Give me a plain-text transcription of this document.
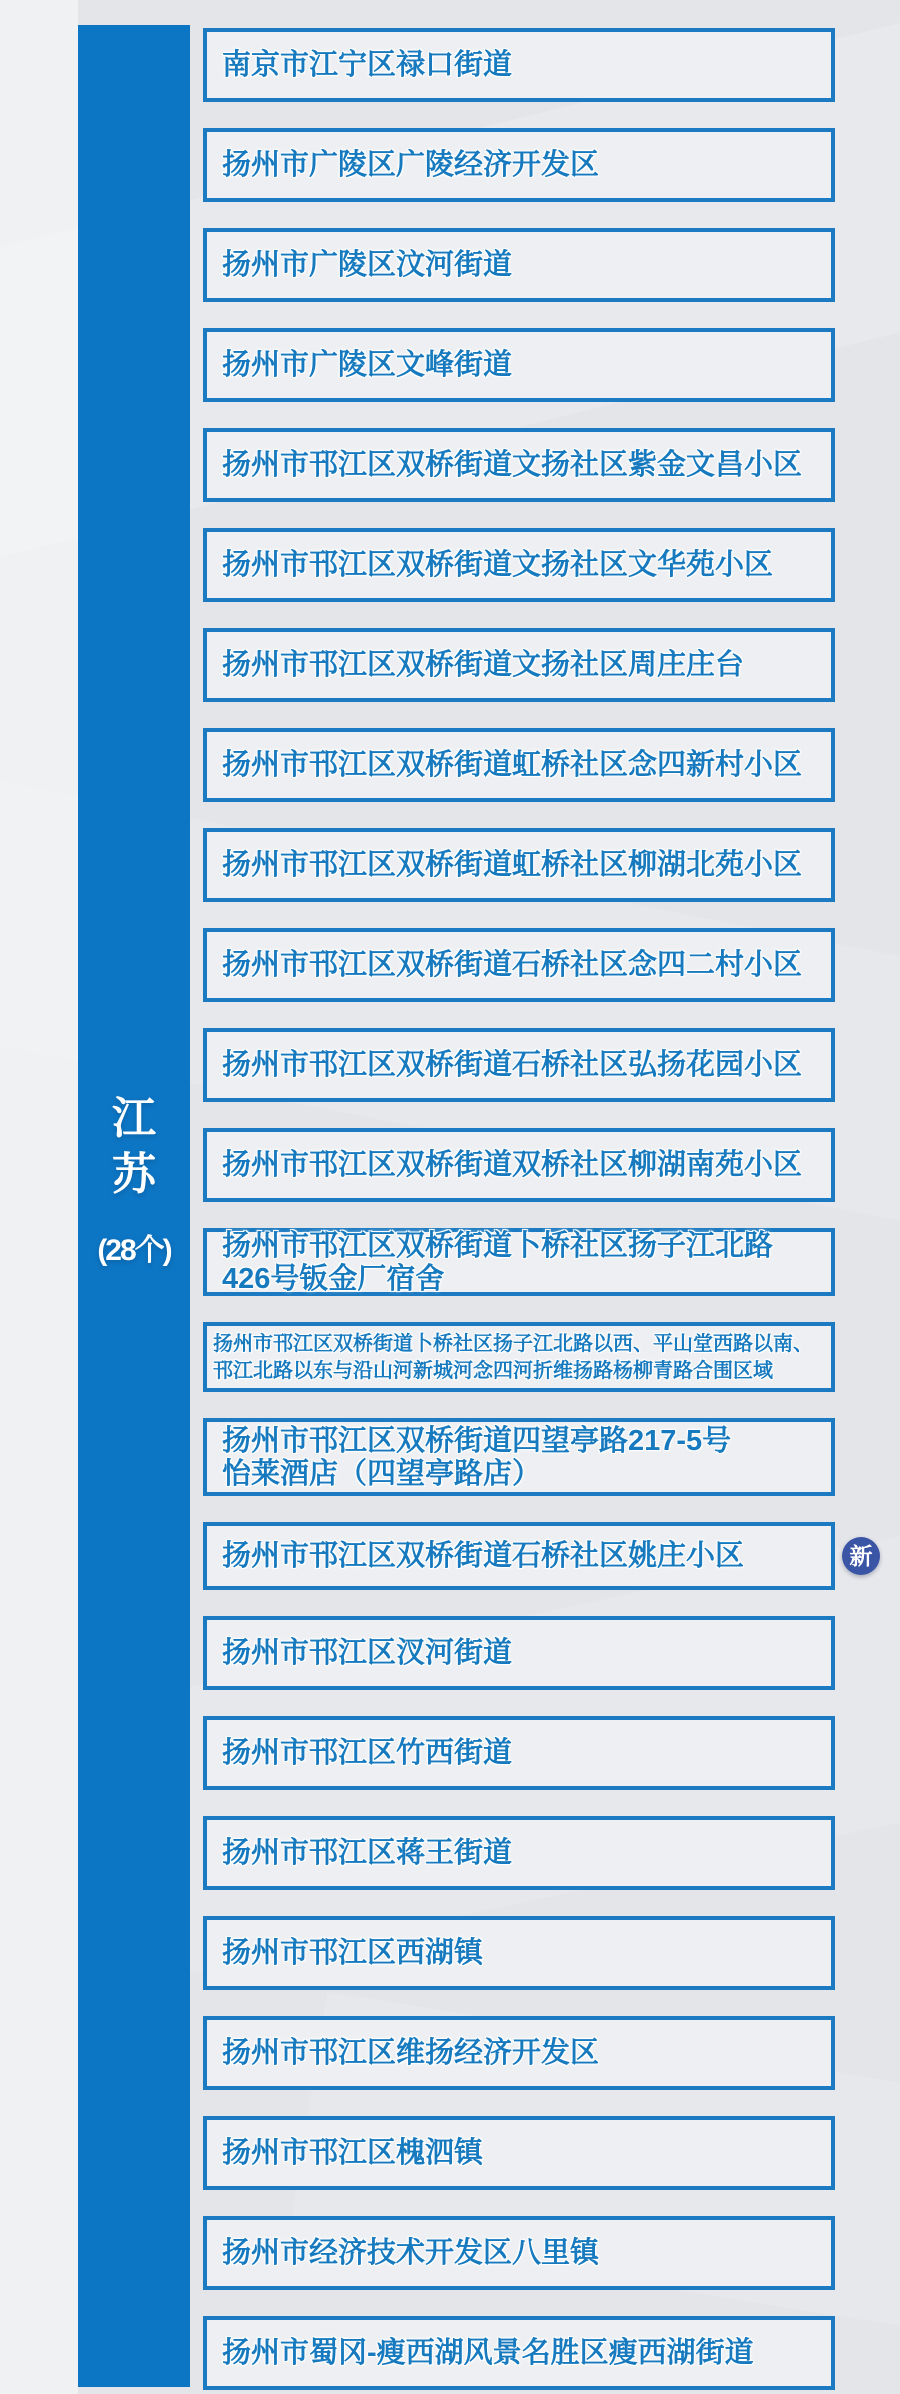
江
苏
(28个)
南京市江宁区禄口街道
扬州市广陵区广陵经济开发区
扬州市广陵区汶河街道
扬州市广陵区文峰街道
扬州市邗江区双桥街道文扬社区紫金文昌小区
扬州市邗江区双桥街道文扬社区文华苑小区
扬州市邗江区双桥街道文扬社区周庄庄台
扬州市邗江区双桥街道虹桥社区念四新村小区
扬州市邗江区双桥街道虹桥社区柳湖北苑小区
扬州市邗江区双桥街道石桥社区念四二村小区
扬州市邗江区双桥街道石桥社区弘扬花园小区
扬州市邗江区双桥街道双桥社区柳湖南苑小区
扬州市邗江区双桥街道卜桥社区扬子江北路
426号钣金厂宿舍
扬州市邗江区双桥街道卜桥社区扬子江北路以西、平山堂西路以南、
邗江北路以东与沿山河新城河念四河折维扬路杨柳青路合围区域
扬州市邗江区双桥街道四望亭路217-5号
怡莱酒店（四望亭路店）
扬州市邗江区双桥街道石桥社区姚庄小区	新
扬州市邗江区汊河街道
扬州市邗江区竹西街道
扬州市邗江区蒋王街道
扬州市邗江区西湖镇
扬州市邗江区维扬经济开发区
扬州市邗江区槐泗镇
扬州市经济技术开发区八里镇
扬州市蜀冈-瘦西湖风景名胜区瘦西湖街道
